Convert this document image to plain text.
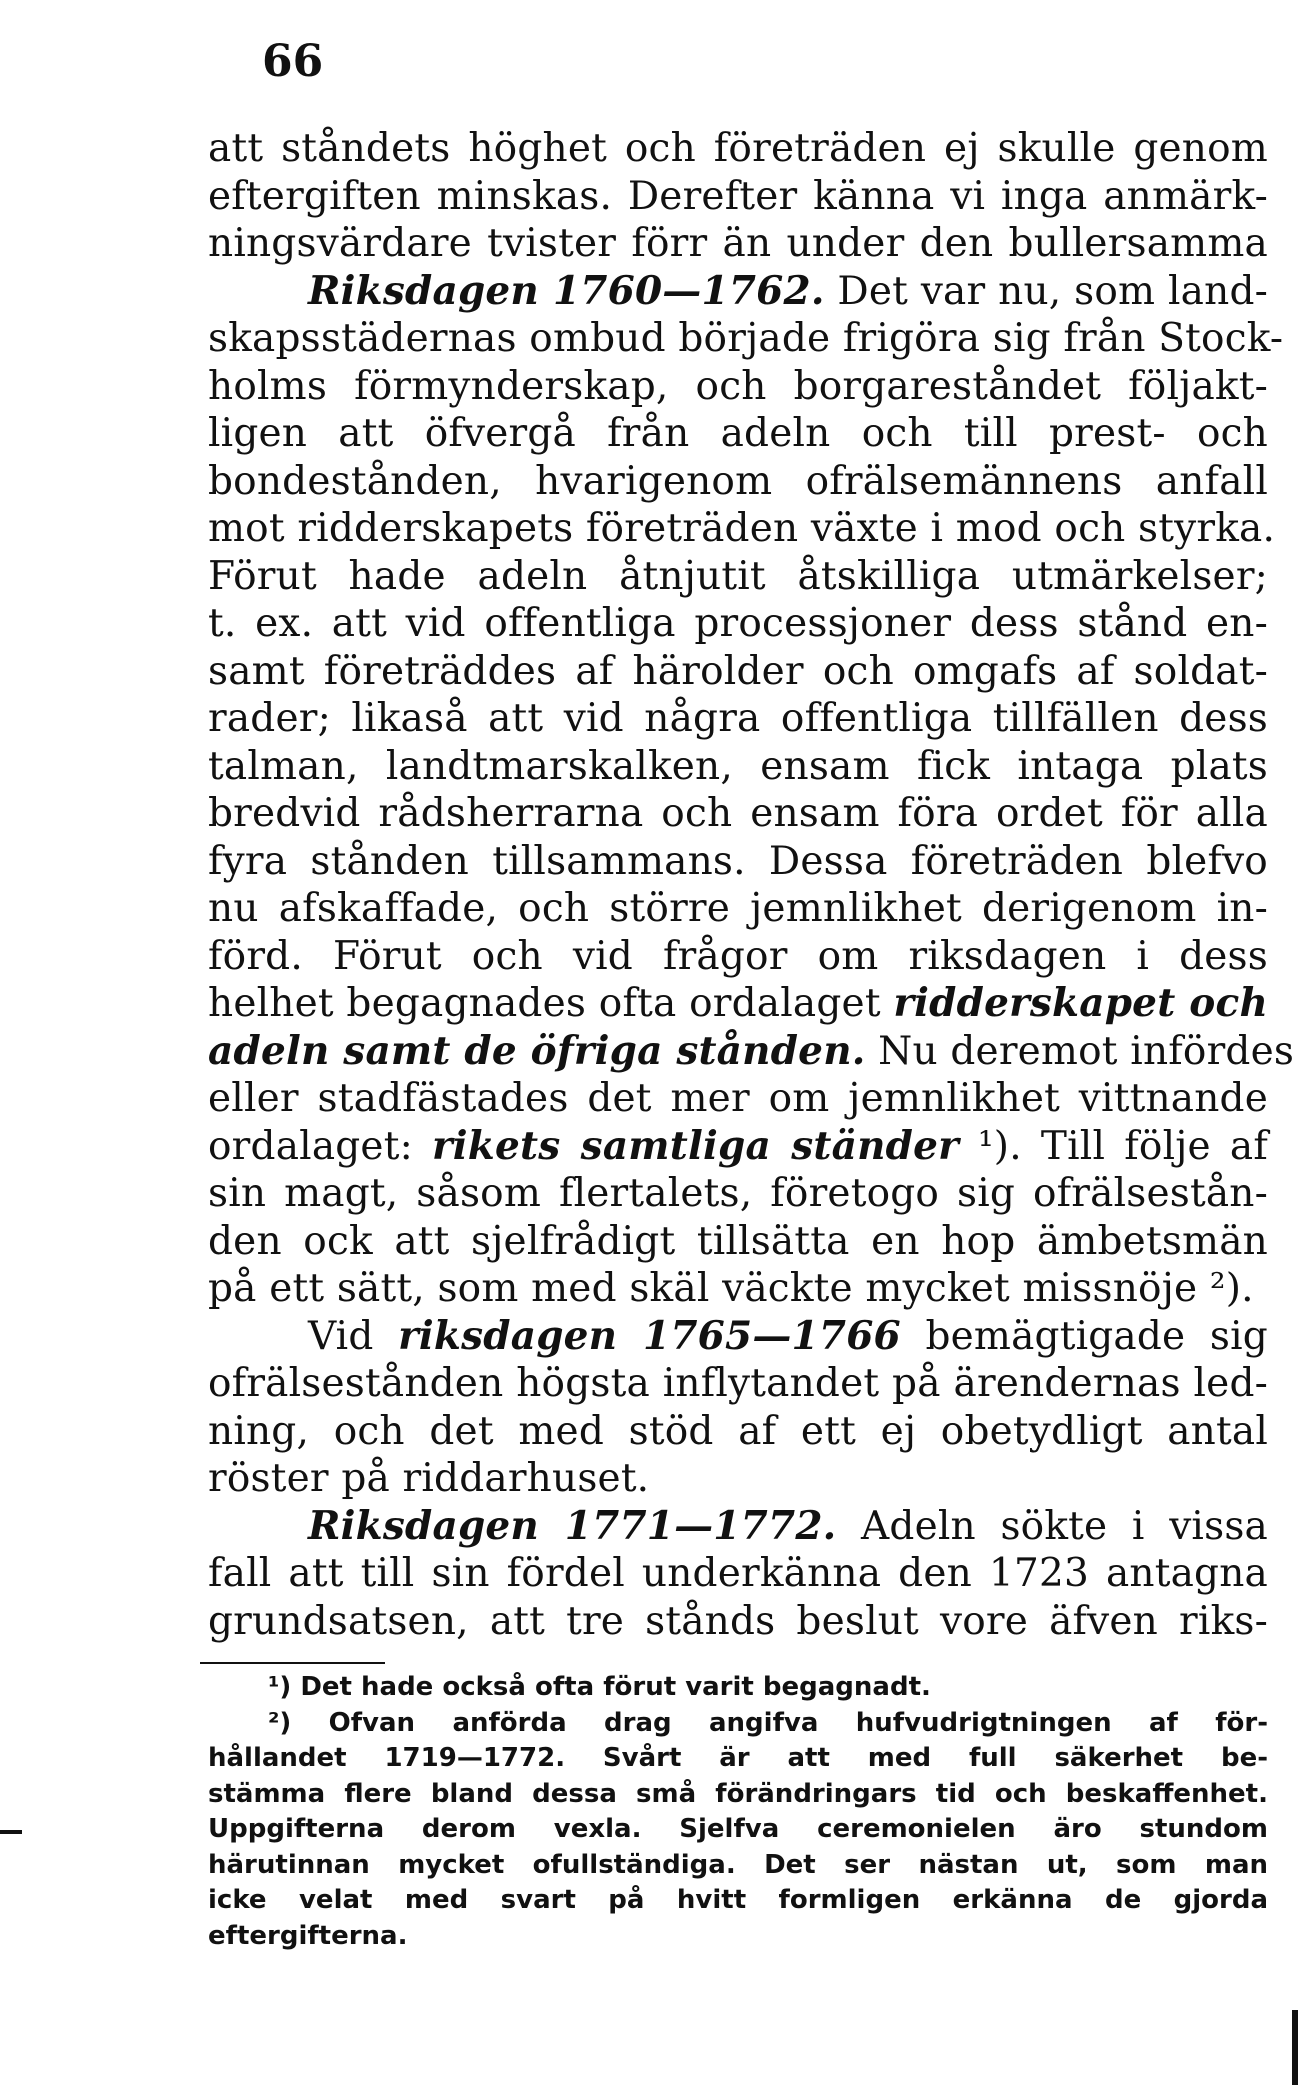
66
att ståndets höghet och företräden ej skulle genom
eftergiften minskas. Derefter känna vi inga anmärk-
ningsvärdare tvister förr än under den bullersamma
Riksdagen 1760—1762. Det var nu, som land-
skapsstädernas ombud började frigöra sig från Stock-
holms förmynderskap, och borgareståndet följakt-
ligen att öfvergå från adeln och till prest- och
bondestånden, hvarigenom ofrälsemännens anfall
mot ridderskapets företräden växte i mod och styrka.
Förut hade adeln åtnjutit åtskilliga utmärkelser;
t. ex. att vid offentliga processjoner dess stånd en-
samt företräddes af härolder och omgafs af soldat-
rader; likaså att vid några offentliga tillfällen dess
talman, landtmarskalken, ensam fick intaga plats
bredvid rådsherrarna och ensam föra ordet för alla
fyra stånden tillsammans. Dessa företräden blefvo
nu afskaffade, och större jemnlikhet derigenom in-
förd. Förut och vid frågor om riksdagen i dess
helhet begagnades ofta ordalaget ridderskapet och
adeln samt de öfriga stånden. Nu deremot infördes
eller stadfästades det mer om jemnlikhet vittnande
ordalaget: rikets samtliga ständer ¹). Till följe af
sin magt, såsom flertalets, företogo sig ofrälsestån-
den ock att sjelfrådigt tillsätta en hop ämbetsmän
på ett sätt, som med skäl väckte mycket missnöje ²).
Vid riksdagen 1765—1766 bemägtigade sig
ofrälsestånden högsta inflytandet på ärendernas led-
ning, och det med stöd af ett ej obetydligt antal
röster på riddarhuset.
Riksdagen 1771—1772. Adeln sökte i vissa
fall att till sin fördel underkänna den 1723 antagna
grundsatsen, att tre stånds beslut vore äfven riks-
¹) Det hade också ofta förut varit begagnadt.
²) Ofvan anförda drag angifva hufvudrigtningen af för-
hållandet 1719—1772. Svårt är att med full säkerhet be-
stämma flere bland dessa små förändringars tid och beskaffenhet.
Uppgifterna derom vexla. Sjelfva ceremonielen äro stundom
härutinnan mycket ofullständiga. Det ser nästan ut, som man
icke velat med svart på hvitt formligen erkänna de gjorda
eftergifterna.
